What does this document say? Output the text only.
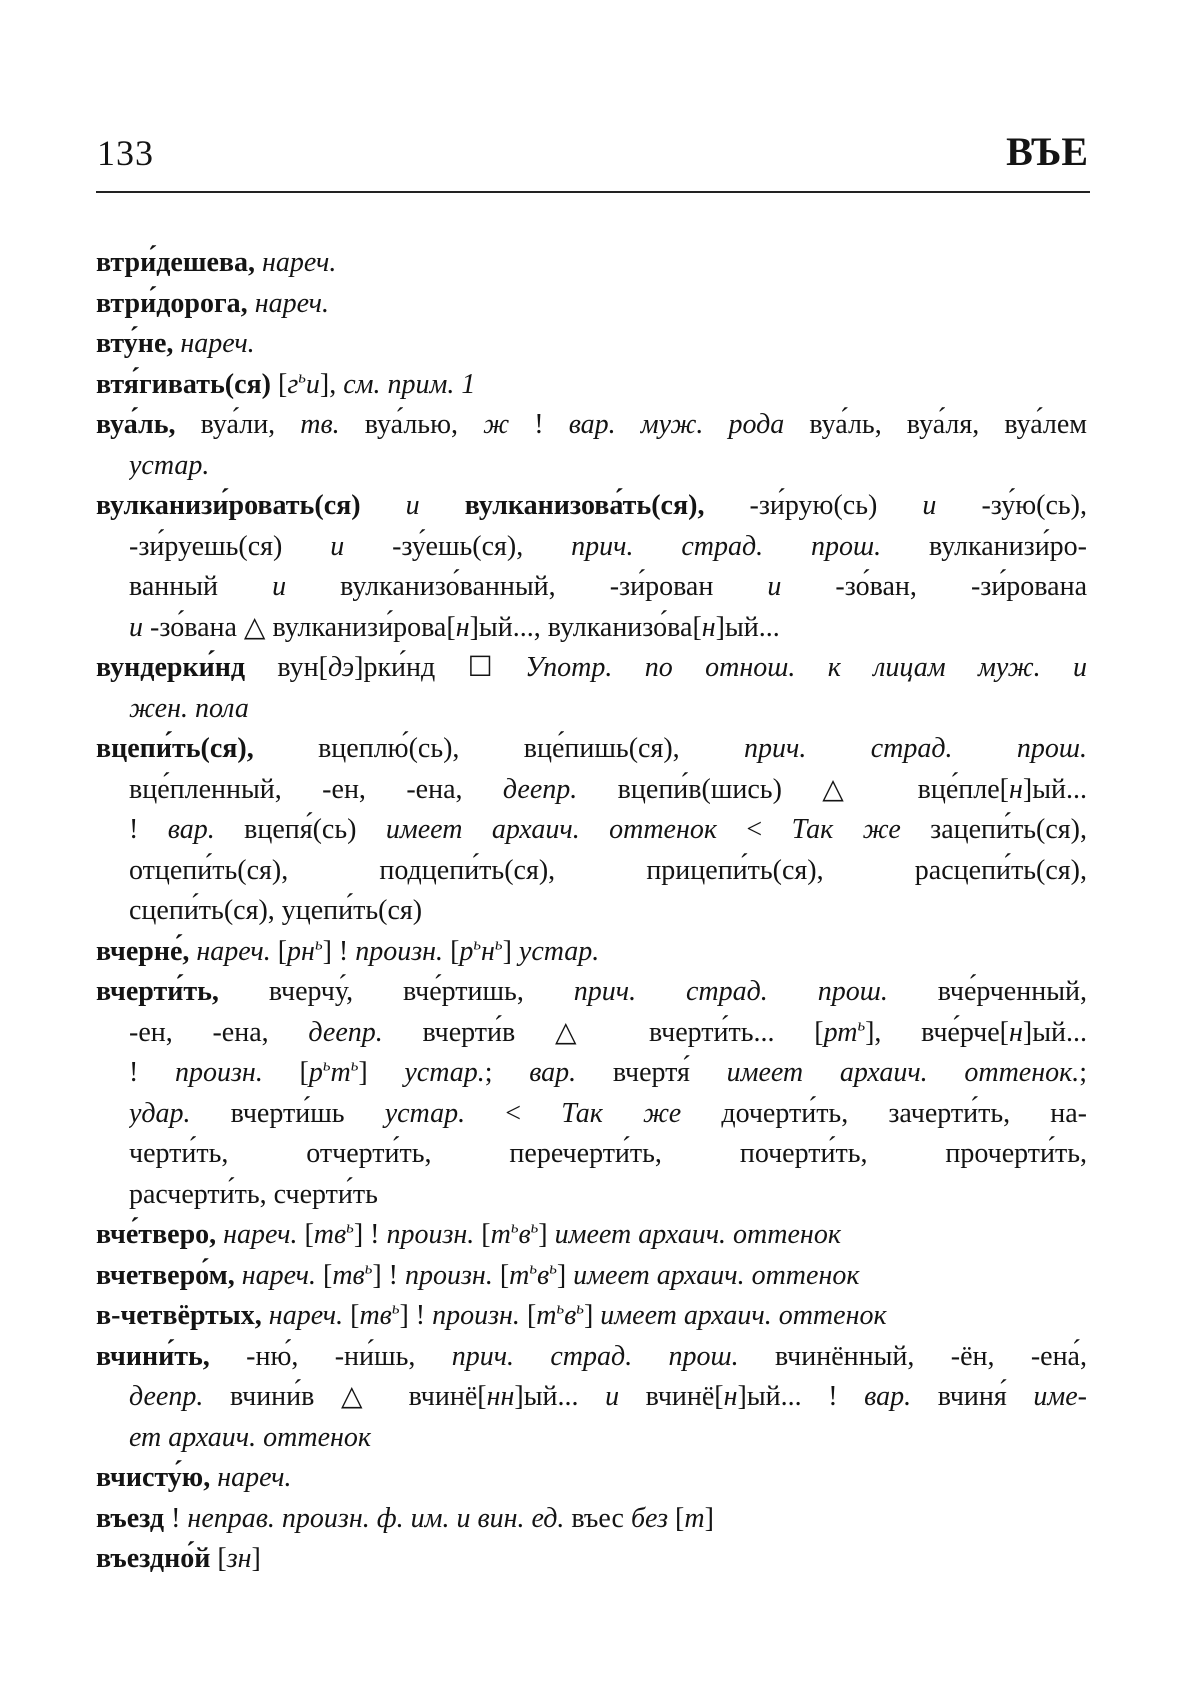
133	ВЪЕ
втри́дешева, нареч.
втри́дорога, нареч.
вту́не, нареч.
втя́гивать(ся) $[г^ьи]$, см. прим. 1
вуа́ль, вуа́ли, тв. вуа́лью, ж ! вар. муж. рода вуа́ль, вуа́ля, вуа́лем
устар.
вулканизи́ровать(ся) и вулканизова́ть(ся), -зи́рую(сь) и -зу́ю(сь),
-зи́руешь(ся) и -зу́ешь(ся), прич. страд. прош. вулканизи́ро-
ванный и вулканизо́ванный, -зи́рован и -зо́ван, -зи́рована
и -зо́вана △ вулканизи́рова[н]ый..., вулканизо́ва[н]ый...
вундерки́нд вун[дэ]рки́нд ☐ Употр. по отнош. к лицам муж. и
жен. пола
вцепи́ть(ся), вцеплю́(сь), вце́пишь(ся), прич. страд. прош.
вце́пленный, -ен, -ена, деепр. вцепи́в(шись) △ вце́пле[н]ый...
! вар. вцепя́(сь) имеет архаич. оттенок < Так же зацепи́ть(ся),
отцепи́ть(ся), подцепи́ть(ся), прицепи́ть(ся), расцепи́ть(ся),
сцепи́ть(ся), уцепи́ть(ся)
вчерне́, нареч. $[рн^ь]$ ! произн. $[р^ьн^ь]$ устар.
вчерти́ть, вчерчу́, вче́ртишь, прич. страд. прош. вче́рченный,
-ен, -ена, деепр. вчерти́в △ вчерти́ть... $[рт^ь]$, вче́рче[н]ый...
! произн. $[р^ьт^ь]$ устар.; вар. вчертя́ имеет архаич. оттенок.;
удар. вчерти́шь устар. < Так же дочерти́ть, зачерти́ть, на-
черти́ть, отчерти́ть, перечерти́ть, почерти́ть, прочерти́ть,
расчерти́ть, счерти́ть
вче́тверо, нареч. $[тв^ь]$ ! произн. $[т^ьв^ь]$ имеет архаич. оттенок
вчетверо́м, нареч. $[тв^ь]$ ! произн. $[т^ьв^ь]$ имеет архаич. оттенок
в-четвёртых, нареч. $[тв^ь]$ ! произн. $[т^ьв^ь]$ имеет архаич. оттенок
вчини́ть, -ню́, -ни́шь, прич. страд. прош. вчинённый, -ён, -ена́,
деепр. вчини́в △ вчинё[нн]ый... и вчинё[н]ый... ! вар. вчиня́ име-
ет архаич. оттенок
вчисту́ю, нареч.
въезд ! неправ. произн. ф. им. и вин. ед. въес без [т]
въездно́й [зн]
